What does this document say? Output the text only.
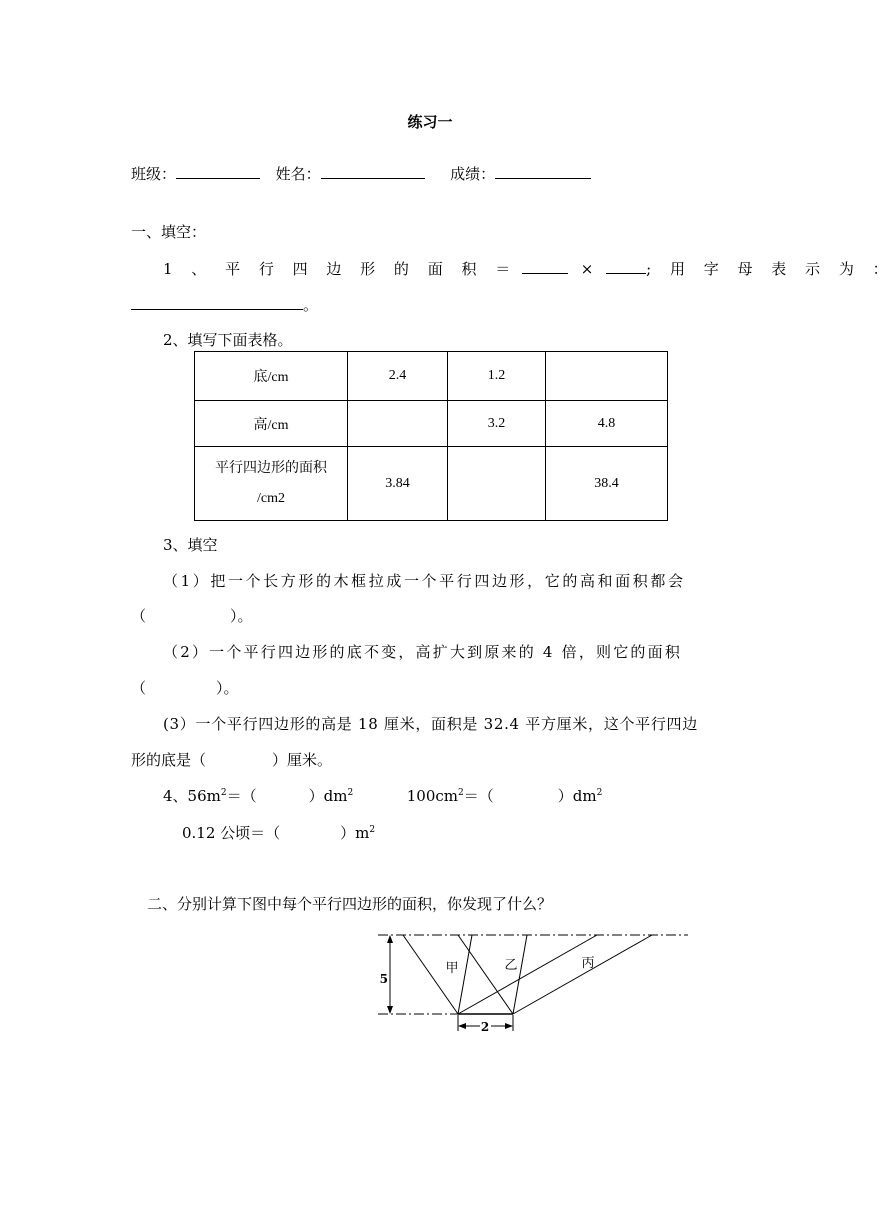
练习一
班级：	姓名：	成绩：
一、填空：
1 、 平 行 四 边 形 的 面 积 ＝	×	; 用 字 母 表 示 为 ：
。
2、填写下面表格。
底/cm	2.4	1.2	
高/cm		3.2	4.8

平行四边形的面积
/cm2	3.84		38.4
3、填空
（1）把一个长方形的木框拉成一个平行四边形，它的高和面积都会
（	）。
（2）一个平行四边形的底不变，高扩大到原来的 4 倍，则它的面积
（	）。
(3）一个平行四边形的高是 18 厘米，面积是 32.4 平方厘米，这个平行四边
形的底是（	）厘米。
4、$56m^2=$（	）$dm^2$	$100cm^2=$（	）$dm^2$
0.12 公顷＝（	）$m^2$
二、分别计算下图中每个平行四边形的面积，你发现了什么？
5
2
甲	乙	丙
